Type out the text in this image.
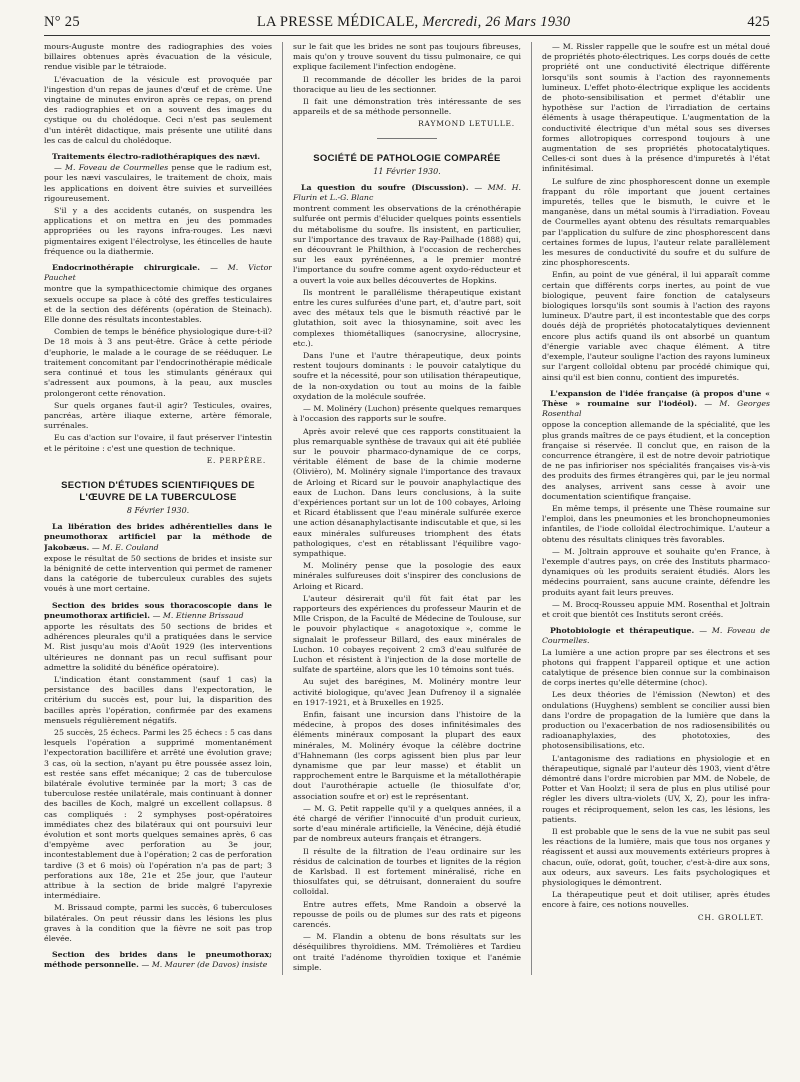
N° 25	LA PRESSE MÉDICALE, Mercredi, 26 Mars 1930	425

mours-Auguste montre des radiographies des voies billaires obtenues après évacuation de la vésicule, rendue visible par le tétraiode.

L'évacuation de la vésicule est provoquée par l'ingestion d'un repas de jaunes d'œuf et de crème. Une vingtaine de minutes environ après ce repas, on prend des radiographies et on a souvent des images du cystique ou du cholédoque. Ceci n'est pas seulement d'un intérêt didactique, mais présente une utilité dans les cas de calcul du cholédoque.

Traitements électro-radiothérapiques des nævi.

— M. Foveau de Courmelles pense que le radium est, pour les nævi vasculaires, le traitement de choix, mais les applications en doivent être suivies et surveillées rigoureusement.

S'il y a des accidents cutanés, on suspendra les applications et on mettra en jeu des pommades appropriées ou les rayons infra-rouges. Les nævi pigmentaires exigent l'électrolyse, les étincelles de haute fréquence ou la diathermie.

Endocrinothérapie chirurgicale. — M. Victor Pauchet

montre que la sympathicectomie chimique des organes sexuels occupe sa place à côté des greffes testiculaires et de la section des déférents (opération de Steinach). Elle donne des résultats incontestables.

Combien de temps le bénéfice physiologique dure-t-il? De 18 mois à 3 ans peut-être. Grâce à cette période d'euphorie, le malade a le courage de se rééduquer. Le traitement concomitant par l'endocrinothérapie médicale sera continué et tous les stimulants généraux qui s'adressent aux poumons, à la peau, aux muscles prolongeront cette rénovation.

Sur quels organes faut-il agir? Testicules, ovaires, pancréas, artère iliaque externe, artère fémorale, surrénales.

Eu cas d'action sur l'ovaire, il faut préserver l'intestin et le péritoine : c'est une question de technique.

E. PERPÈRE.
SECTION D'ÉTUDES SCIENTIFIQUES DE L'ŒUVRE DE LA TUBERCULOSE
8 Février 1930.
La libération des brides adhérentielles dans le pneumothorax artificiel par la méthode de Jakobæus. — M. E. Couland

expose le résultat de 50 sections de brides et insiste sur la bénignité de cette intervention qui permet de ramener dans la catégorie de tuberculeux curables des sujets voués à une mort certaine.

Section des brides sous thoracoscopie dans le pneumothorax artificiel. — M. Etienne Brissaud

apporte les résultats des 50 sections de brides et adhérences pleurales qu'il a pratiquées dans le service M. Rist jusqu'au mois d'Août 1929 (les interventions ultérieures ne donnant pas un recul suffisant pour admettre la solidité du bénéfice opératoire).

L'indication étant constamment (sauf 1 cas) la persistance des bacilles dans l'expectoration, le critérium du succès est, pour lui, la disparition des bacilles après l'opération, confirmée par des examens mensuels régulièrement négatifs.

25 succès, 25 échecs. Parmi les 25 échecs : 5 cas dans lesquels l'opération a supprimé momentanément l'expectoration bacillifère et arrêté une évolution grave; 3 cas, où la section, n'ayant pu être poussée assez loin, est restée sans effet mécanique; 2 cas de tuberculose bilatérale évolutive terminée par la mort; 3 cas de tuberculose restée unilatérale, mais continuant à donner des bacilles de Koch, malgré un excellent collapsus. 8 cas compliqués : 2 symphyses post-opératoires immédiates chez des bilatéraux qui ont poursuivi leur évolution et sont morts quelques semaines après, 6 cas d'empyème avec perforation au 3e jour, incontestablement due à l'opération; 2 cas de perforation tardive (3 et 6 mois) où l'opération n'a pas de part; 3 perforations aux 18e, 21e et 25e jour, que l'auteur attribue à la section de bride malgré l'apyrexie intermédiaire.

M. Brissaud compte, parmi les succès, 6 tuberculoses bilatérales. On peut réussir dans les lésions les plus graves à la condition que la fièvre ne soit pas trop élevée.

Section des brides dans le pneumothorax; méthode personnelle. — M. Maurer (de Davos) insiste

sur le fait que les brides ne sont pas toujours fibreuses, mais qu'on y trouve souvent du tissu pulmonaire, ce qui explique facilement l'infection endogène.

Il recommande de décoller les brides de la paroi thoracique au lieu de les sectionner.

Il fait une démonstration très intéressante de ses appareils et de sa méthode personnelle.

RAYMOND LETULLE.
SOCIÉTÉ DE PATHOLOGIE COMPARÉE
11 Février 1930.
La question du soufre (Discussion). — MM. H. Flurin et L.-G. Blanc

montrent comment les observations de la crénothérapie sulfurée ont permis d'élucider quelques points essentiels du métabolisme du soufre. Ils insistent, en particulier, sur l'importance des travaux de Ray-Pailhade (1888) qui, en découvrant le Philthion, à l'occasion de recherches sur les eaux pyrénéennes, a le premier montré l'importance du soufre comme agent oxydo-réducteur et a ouvert la voie aux belles découvertes de Hopkins.

Ils montrent le parallélisme thérapeutique existant entre les cures sulfurées d'une part, et, d'autre part, soit avec des métaux tels que le bismuth réactivé par le glutathion, soit avec la thiosynamine, soit avec les complexes thiométalliques (sanocrysine, allocrysine, etc.).

Dans l'une et l'autre thérapeutique, deux points restent toujours dominants : le pouvoir catalytique du soufre et la nécessité, pour son utilisation thérapeutique, de la non-oxydation ou tout au moins de la faible oxydation de la molécule soufrée.

— M. Molinéry (Luchon) présente quelques remarques à l'occasion des rapports sur le soufre.

Après avoir relevé que ces rapports constituaient la plus remarquable synthèse de travaux qui ait été publiée sur le pouvoir pharmaco-dynamique de ce corps, véritable élément de base de la chimie moderne (Olivièro), M. Molinéry signale l'importance des travaux de Arloing et Ricard sur le pouvoir anaphylactique des eaux de Luchon. Dans leurs conclusions, à la suite d'expériences portant sur un lot de 100 cobayes, Arloing et Ricard établissent que l'eau minérale sulfurée exerce une action désanaphylactisante indiscutable et que, si les eaux minérales sulfureuses triomphent des états pathologiques, c'est en rétablissant l'équilibre vago-sympathique.

M. Molinéry pense que la posologie des eaux minérales sulfureuses doit s'inspirer des conclusions de Arloing et Ricard.

L'auteur désirerait qu'il fût fait état par les rapporteurs des expériences du professeur Maurin et de Mlle Crispon, de la Faculté de Médecine de Toulouse, sur le pouvoir phylactique « anagotoxique », comme le signalait le professeur Billard, des eaux minérales de Luchon. 10 cobayes reçoivent 2 cm3 d'eau sulfurée de Luchon et résistent à l'injection de la dose mortelle de sulfate de spartéine, alors que les 10 témoins sont tués.

Au sujet des barégines, M. Molinéry montre leur activité biologique, qu'avec Jean Dufrenoy il a signalée en 1917-1921, et à Bruxelles en 1925.

Enfin, faisant une incursion dans l'histoire de la médecine, à propos des doses infinitésimales des éléments minéraux composant la plupart des eaux minérales, M. Molinéry évoque la célèbre doctrine d'Hahnemann (les corps agissent bien plus par leur dynamisme que par leur masse) et établit un rapprochement entre le Barquisme et la métallothérapie dout l'aurothérapie actuelle (le thiosulfate d'or, association soufre et or) est le représentant.

— M. G. Petit rappelle qu'il y a quelques années, il a été chargé de vérifier l'innocuité d'un produit curieux, sorte d'eau minérale artificielle, la Vénécine, déjà étudié par de nombreux auteurs français et étrangers.

Il résulte de la filtration de l'eau ordinaire sur les résidus de calcination de tourbes et lignites de la région de Karlsbad. Il est fortement minéralisé, riche en thiosulfates qui, se détruisant, donneraient du soufre colloïdal.

Entre autres effets, Mme Randoin a observé la repousse de poils ou de plumes sur des rats et pigeons carencés.

— M. Flandin a obtenu de bons résultats sur les déséquilibres thyroïdiens. MM. Trémolières et Tardieu ont traité l'adénome thyroïdien toxique et l'anémie simple.

— M. Rissler rappelle que le soufre est un métal doué de propriétés photo-électriques. Les corps doués de cette propriété ont une conductivité électrique différente lorsqu'ils sont soumis à l'action des rayonnements lumineux. L'effet photo-électrique explique les accidents de photo-sensibilisation et permet d'établir une hypothèse sur l'action de l'irradiation de certains éléments à usage thérapeutique. L'augmentation de la conductivité électrique d'un métal sous ses diverses formes allotropiques correspond toujours à une augmentation de ses propriétés photocatalytiques. Celles-ci sont dues à la présence d'impuretés à l'état infinitésimal.

Le sulfure de zinc phosphorescent donne un exemple frappant du rôle important que jouent certaines impuretés, telles que le bismuth, le cuivre et le manganèse, dans un métal soumis à l'irradiation. Foveau de Courmelles ayant obtenu des résultats remarquables par l'application du sulfure de zinc phosphorescent dans certaines formes de lupus, l'auteur relate parallèlement les mesures de conductivité du soufre et du sulfure de zinc phosphorescents.

Enfin, au point de vue général, il lui apparaît comme certain que différents corps inertes, au point de vue biologique, peuvent faire fonction de catalyseurs biologiques lorsqu'ils sont soumis à l'action des rayons lumineux. D'autre part, il est incontestable que des corps doués déjà de propriétés photocatalytiques deviennent encore plus actifs quand ils ont absorbé un quantum d'énergie variable avec chaque élément. A titre d'exemple, l'auteur souligne l'action des rayons lumineux sur l'argent colloïdal obtenu par procédé chimique qui, ainsi qu'il est bien connu, contient des impuretés.

L'expansion de l'idée française (à propos d'une « Thèse » roumaine sur l'iodéol). — M. Georges Rosenthal

oppose la conception allemande de la spécialité, que les plus grands maîtres de ce pays étudient, et la conception française si réservée. Il conclut que, en raison de la concurrence étrangère, il est de notre devoir patriotique de ne pas infirioriser nos spécialités françaises vis-à-vis des produits des firmes étrangères qui, par le jeu normal des analyses, arrivent sans cesse à avoir une documentation scientifique française.

En même temps, il présente une Thèse roumaine sur l'emploi, dans les pneumonies et les bronchopneumonies infantiles, de l'iode colloïdal électrochimique. L'auteur a obtenu des résultats cliniques très favorables.

— M. Joltrain approuve et souhaite qu'en France, à l'exemple d'autres pays, on crée des Instituts pharmaco-dynamiques où les produits seraient étudiés. Alors les médecins pourraient, sans aucune crainte, défendre les produits ayant fait leurs preuves.

— M. Brocq-Rousseu appuie MM. Rosenthal et Joltrain et croit que bientôt ces Instituts seront créés.

Photobiologie et thérapeutique. — M. Foveau de Courmelles.

La lumière a une action propre par ses électrons et ses photons qui frappent l'appareil optique et une action catalytique de présence bien connue sur la combinaison de corps inertes qu'elle détermine (choc).

Les deux théories de l'émission (Newton) et des ondulations (Huyghens) semblent se concilier aussi bien dans l'ordre de propagation de la lumière que dans la production ou l'exacerbation de nos radiosensibilités ou radioanaphylaxies, des phototoxies, des photosensibilisations, etc.

L'antagonisme des radiations en physiologie et en thérapeutique, signalé par l'auteur dès 1903, vient d'être démontré dans l'ordre microbien par MM. de Nobele, de Potter et Van Hoolzt; il sera de plus en plus utilisé pour régler les divers ultra-violets (UV, X, Z), pour les infra-rouges et réciproquement, selon les cas, les lésions, les patients.

Il est probable que le sens de la vue ne subit pas seul les réactions de la lumière, mais que tous nos organes y réagissent et aussi aux mouvements extérieurs propres à chacun, ouïe, odorat, goût, toucher, c'est-à-dire aux sons, aux odeurs, aux saveurs. Les faits psychologiques et physiologiques le démontrent.

La thérapeutique peut et doit utiliser, après études encore à faire, ces notions nouvelles.

CH. GROLLET.
